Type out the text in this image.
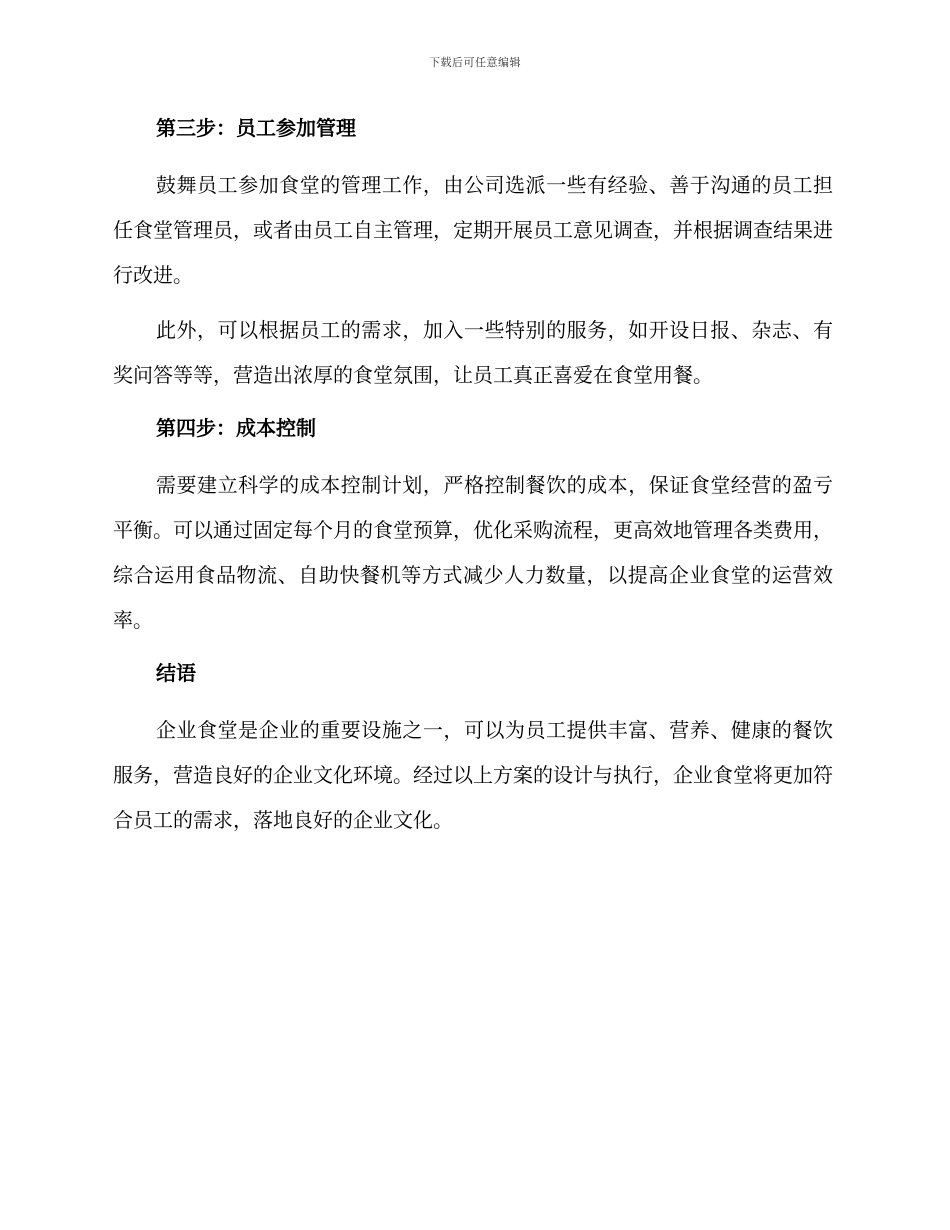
下载后可任意编辑
第三步：员工参加管理

鼓舞员工参加食堂的管理工作，由公司选派一些有经验、善于沟通的员工担任食堂管理员，或者由员工自主管理，定期开展员工意见调查，并根据调查结果进行改进。

此外，可以根据员工的需求，加入一些特别的服务，如开设日报、杂志、有奖问答等等，营造出浓厚的食堂氛围，让员工真正喜爱在食堂用餐。

第四步：成本控制

需要建立科学的成本控制计划，严格控制餐饮的成本，保证食堂经营的盈亏平衡。可以通过固定每个月的食堂预算，优化采购流程，更高效地管理各类费用，综合运用食品物流、自助快餐机等方式减少人力数量，以提高企业食堂的运营效率。

结语

企业食堂是企业的重要设施之一，可以为员工提供丰富、营养、健康的餐饮服务，营造良好的企业文化环境。经过以上方案的设计与执行，企业食堂将更加符合员工的需求，落地良好的企业文化。
